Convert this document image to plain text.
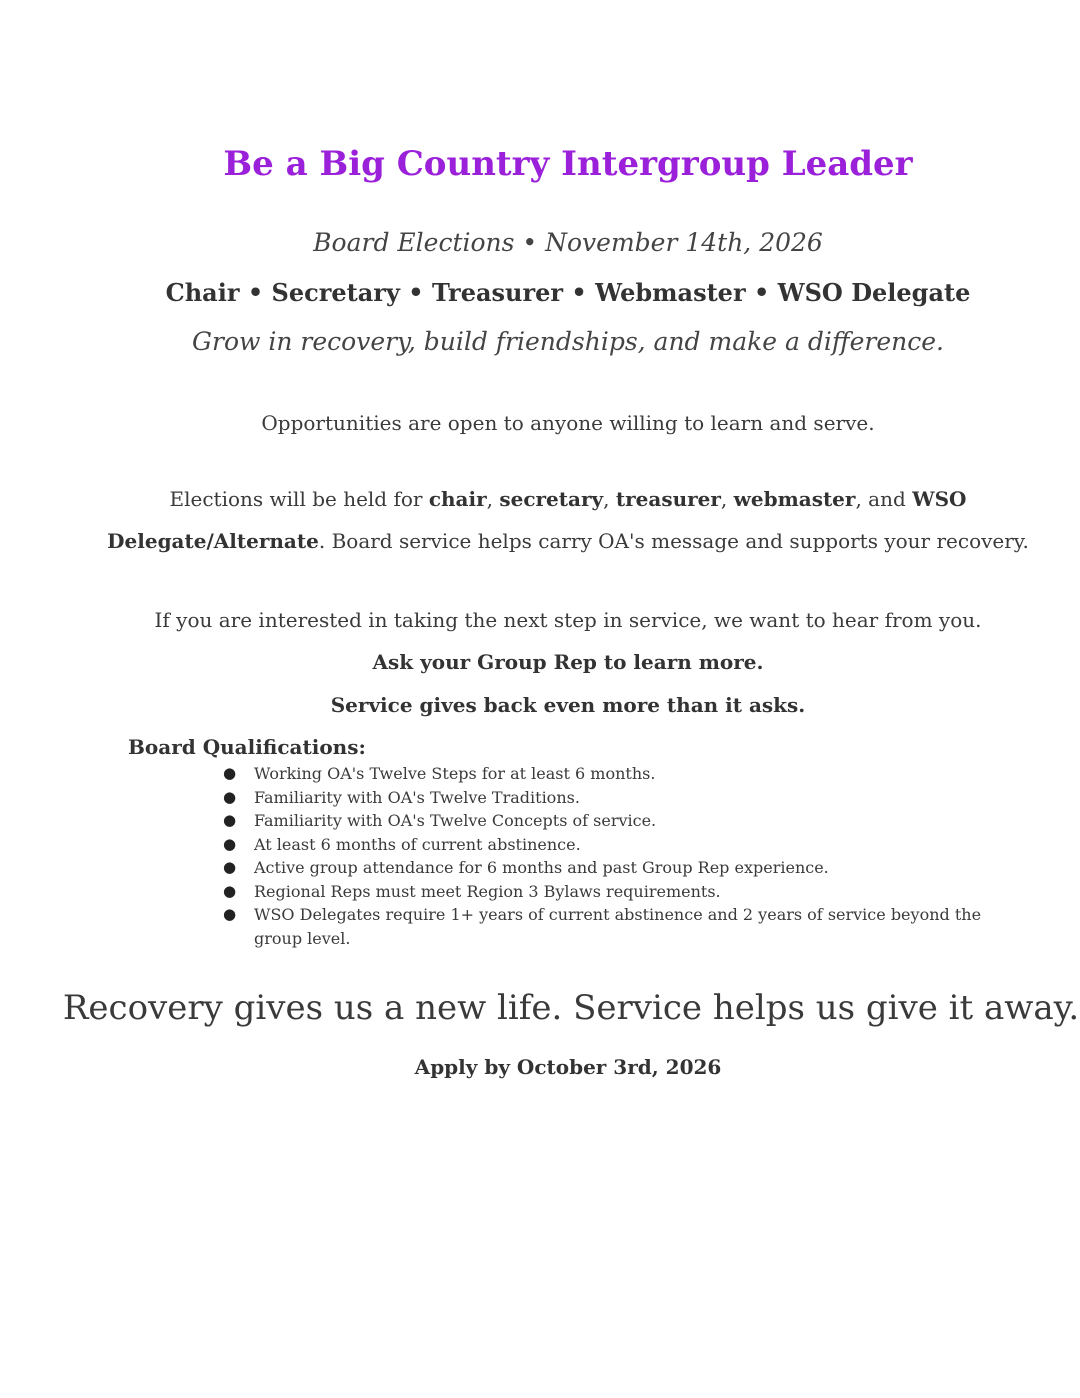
Be a Big Country Intergroup Leader
Board Elections • November 14th, 2026
Chair • Secretary • Treasurer • Webmaster • WSO Delegate
Grow in recovery, build friendships, and make a difference.
Opportunities are open to anyone willing to learn and serve.
Elections will be held for chair, secretary, treasurer, webmaster, and WSO
Delegate/Alternate. Board service helps carry OA's message and supports your recovery.
If you are interested in taking the next step in service, we want to hear from you.
Ask your Group Rep to learn more.
Service gives back even more than it asks.
Board Qualifications:
● Working OA's Twelve Steps for at least 6 months.
● Familiarity with OA's Twelve Traditions.
● Familiarity with OA's Twelve Concepts of service.
● At least 6 months of current abstinence.
● Active group attendance for 6 months and past Group Rep experience.
● Regional Reps must meet Region 3 Bylaws requirements.
● WSO Delegates require 1+ years of current abstinence and 2 years of service beyond the group level.
Recovery gives us a new life. Service helps us give it away.
Apply by October 3rd, 2026
